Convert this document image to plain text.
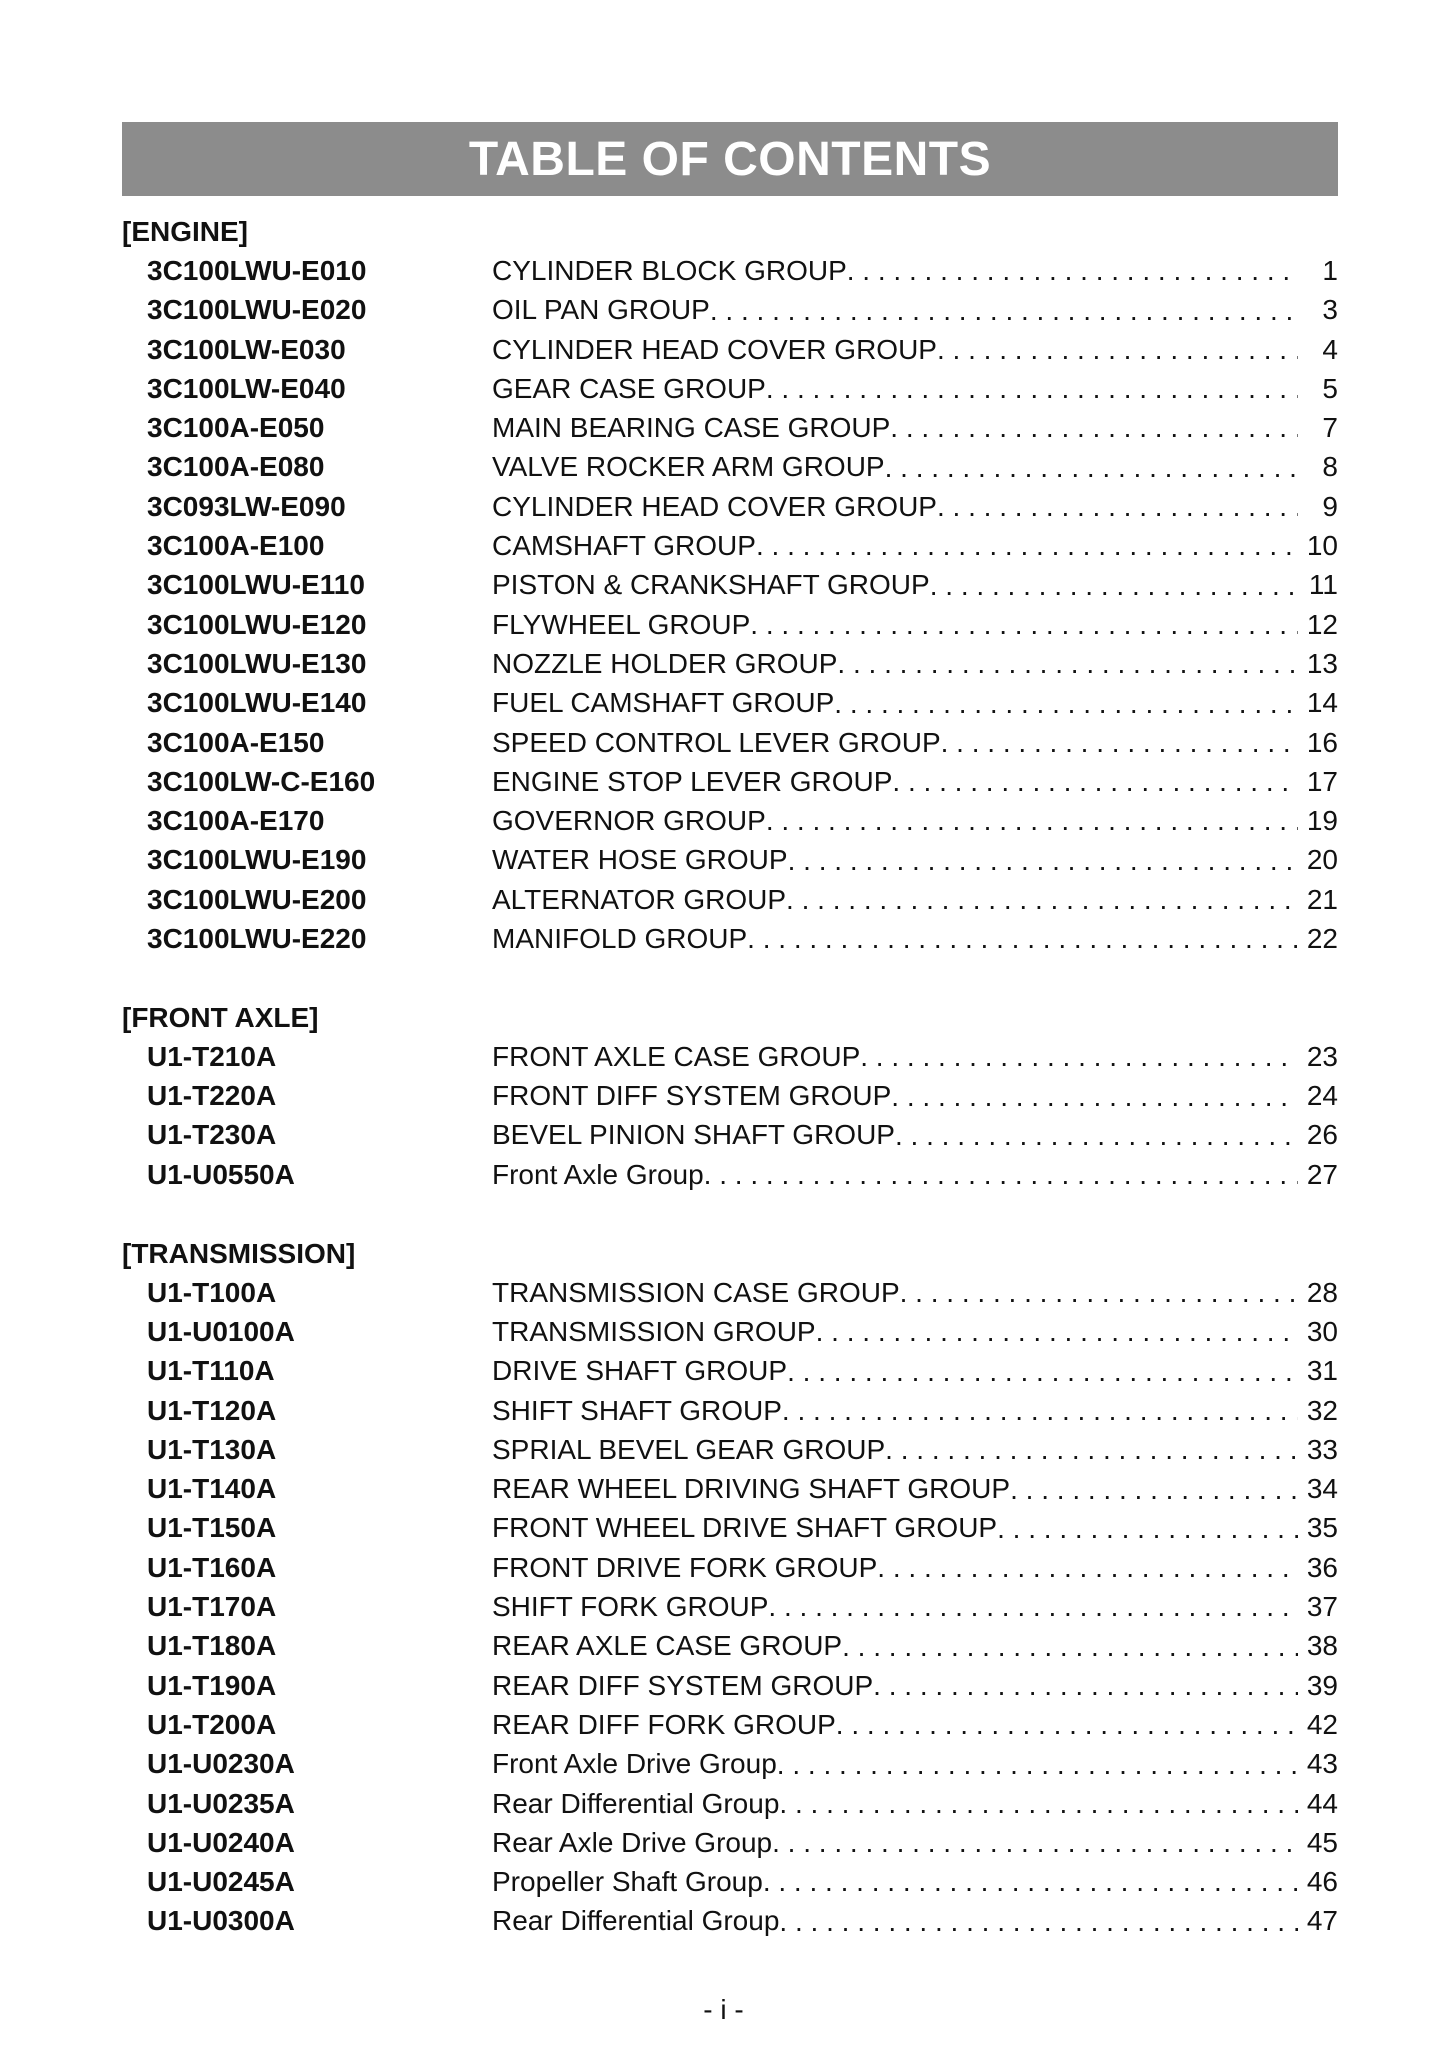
TABLE OF CONTENTS
[ENGINE]
3C100LWU-E010	CYLINDER BLOCK GROUP . . .	1
3C100LWU-E020	OIL PAN GROUP . . .	3
3C100LW-E030	CYLINDER HEAD COVER GROUP . . .	4
3C100LW-E040	GEAR CASE GROUP . . .	5
3C100A-E050	MAIN BEARING CASE GROUP . . .	7
3C100A-E080	VALVE ROCKER ARM GROUP . . .	8
3C093LW-E090	CYLINDER HEAD COVER GROUP . . .	9
3C100A-E100	CAMSHAFT GROUP . . .	10
3C100LWU-E110	PISTON & CRANKSHAFT GROUP . . .	11
3C100LWU-E120	FLYWHEEL GROUP . . .	12
3C100LWU-E130	NOZZLE HOLDER GROUP . . .	13
3C100LWU-E140	FUEL CAMSHAFT GROUP . . .	14
3C100A-E150	SPEED CONTROL LEVER GROUP . . .	16
3C100LW-C-E160	ENGINE STOP LEVER GROUP . . .	17
3C100A-E170	GOVERNOR GROUP . . .	19
3C100LWU-E190	WATER HOSE GROUP . . .	20
3C100LWU-E200	ALTERNATOR GROUP . . .	21
3C100LWU-E220	MANIFOLD GROUP . . .	22
[FRONT AXLE]
U1-T210A	FRONT AXLE CASE GROUP . . .	23
U1-T220A	FRONT DIFF SYSTEM GROUP . . .	24
U1-T230A	BEVEL PINION SHAFT GROUP . . .	26
U1-U0550A	Front Axle Group . . .	27
[TRANSMISSION]
U1-T100A	TRANSMISSION CASE GROUP . . .	28
U1-U0100A	TRANSMISSION GROUP . . .	30
U1-T110A	DRIVE SHAFT GROUP . . .	31
U1-T120A	SHIFT SHAFT GROUP . . .	32
U1-T130A	SPRIAL BEVEL GEAR GROUP . . .	33
U1-T140A	REAR WHEEL DRIVING SHAFT GROUP . . .	34
U1-T150A	FRONT WHEEL DRIVE SHAFT GROUP . . .	35
U1-T160A	FRONT DRIVE FORK GROUP . . .	36
U1-T170A	SHIFT FORK GROUP . . .	37
U1-T180A	REAR AXLE CASE GROUP . . .	38
U1-T190A	REAR DIFF SYSTEM GROUP . . .	39
U1-T200A	REAR DIFF FORK GROUP . . .	42
U1-U0230A	Front Axle Drive Group . . .	43
U1-U0235A	Rear Differential Group . . .	44
U1-U0240A	Rear Axle Drive Group . . .	45
U1-U0245A	Propeller Shaft Group . . .	46
U1-U0300A	Rear Differential Group . . .	47
- i -
